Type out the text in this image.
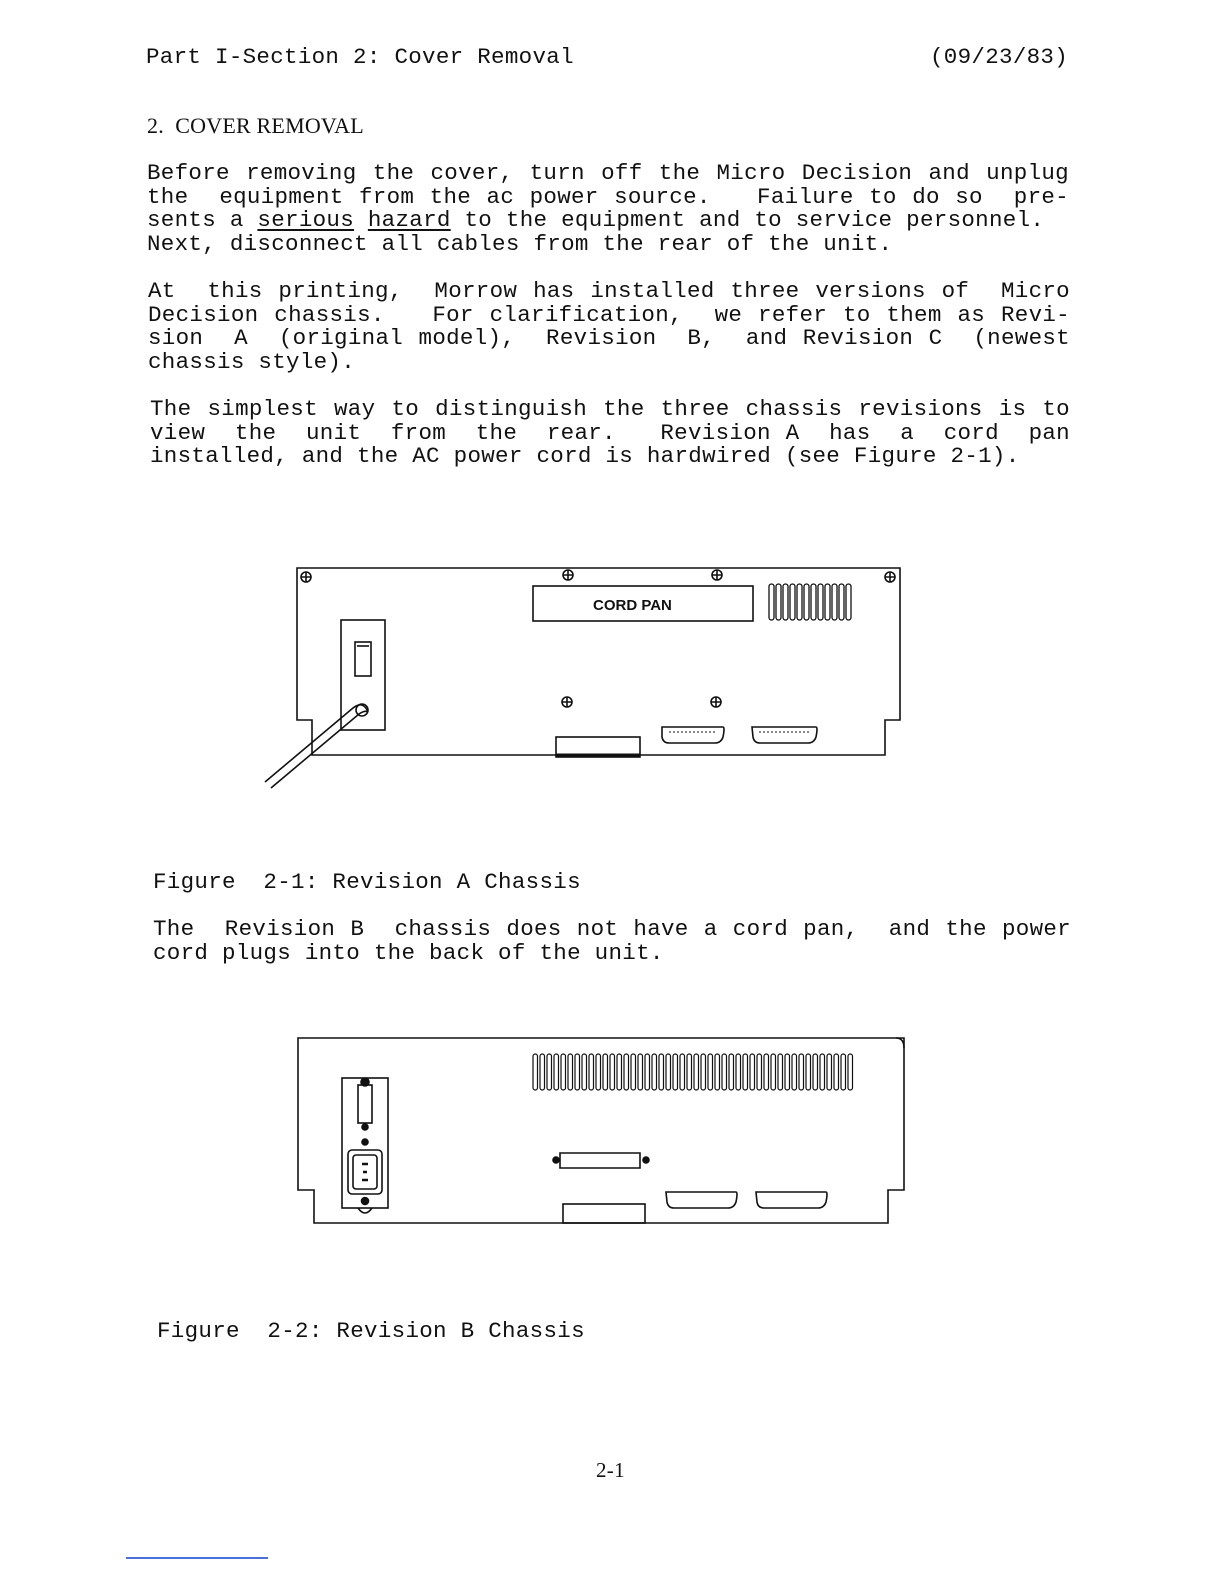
Part I-Section 2: Cover Removal	(09/23/83)
2.  COVER REMOVAL
Before removing the cover, turn off the Micro Decision and unplug
the  equipment from the ac power source.   Failure to do so  pre-
sents a serious hazard to the equipment and to service personnel.
Next, disconnect all cables from the rear of the unit.
At  this printing,  Morrow has installed three versions of  Micro
Decision chassis.   For clarification,  we refer to them as Revi-
sion  A  (original model),  Revision  B,  and Revision C  (newest
chassis style).
The simplest way to distinguish the three chassis revisions is to
view  the  unit  from  the  rear.   Revision A  has  a  cord  pan
installed, and the AC power cord is hardwired (see Figure 2-1).
CORD PAN
Figure  2-1: Revision A Chassis
The  Revision B  chassis does not have a cord pan,  and the power
cord plugs into the back of the unit.
Figure  2-2: Revision B Chassis
2-1
